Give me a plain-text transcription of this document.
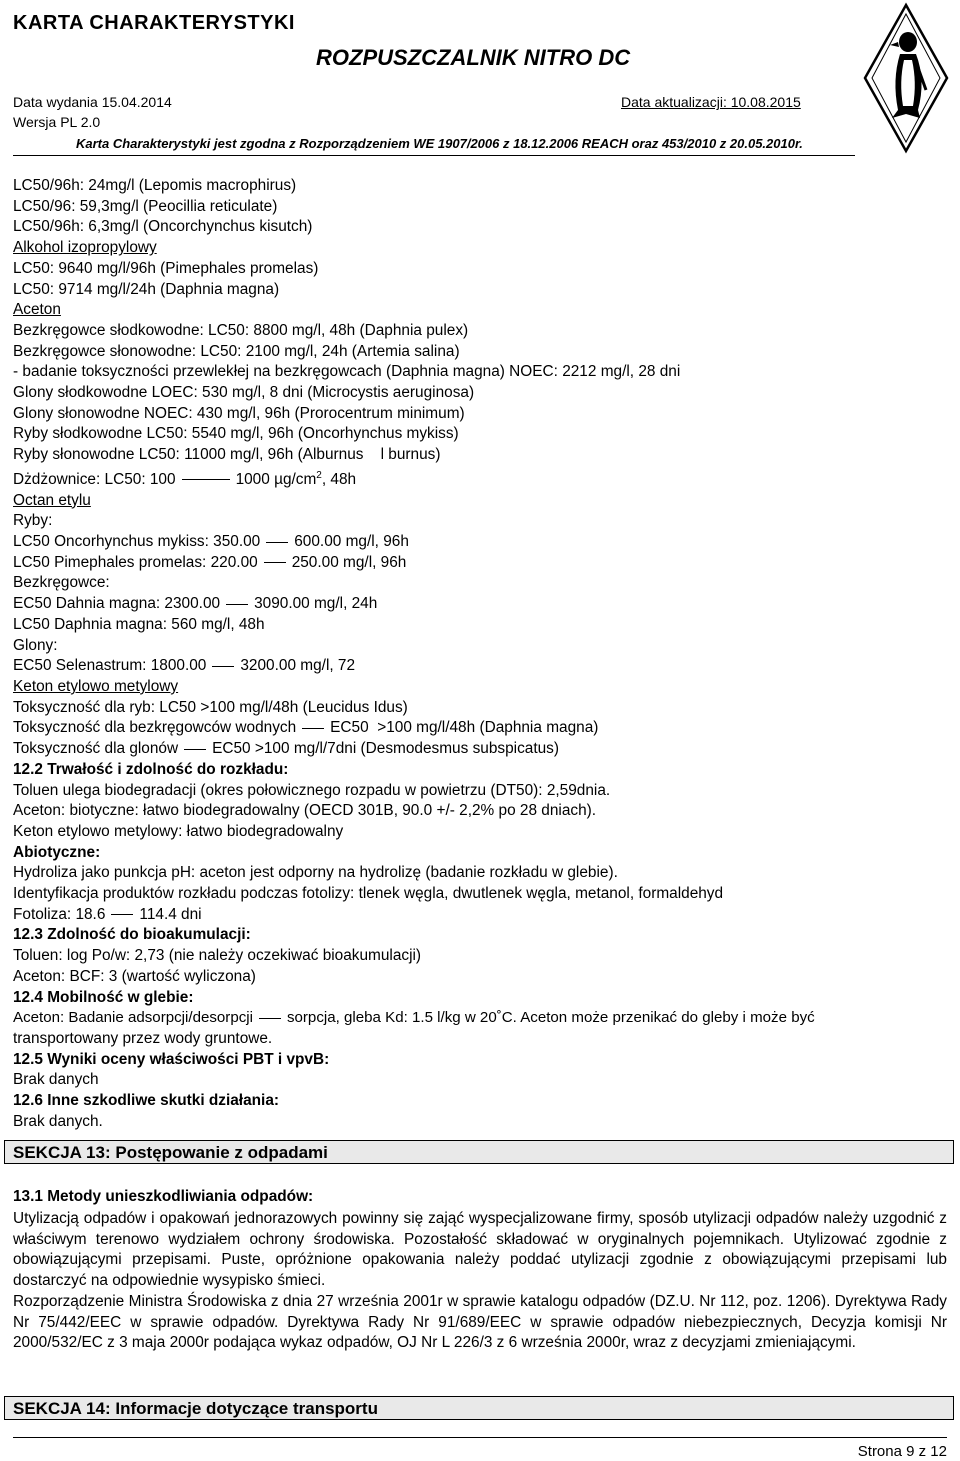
KARTA CHARAKTERYSTYKI
ROZPUSZCZALNIK NITRO DC
Data wydania 15.04.2014	Data aktualizacji: 10.08.2015
Wersja PL 2.0
Karta Charakterystyki jest zgodna z Rozporządzeniem WE 1907/2006 z 18.12.2006 REACH oraz 453/2010 z 20.05.2010r.
LC50/96h: 24mg/l (Lepomis macrophirus)
LC50/96: 59,3mg/l (Peocillia reticulate)
LC50/96h: 6,3mg/l (Oncorchynchus kisutch)
Alkohol izopropylowy
LC50: 9640 mg/l/96h (Pimephales promelas)
LC50: 9714 mg/l/24h (Daphnia magna)
Aceton
Bezkręgowce słodkowodne: LC50: 8800 mg/l, 48h (Daphnia pulex)
Bezkręgowce słonowodne: LC50: 2100 mg/l, 24h (Artemia salina)
- badanie toksyczności przewlekłej na bezkręgowcach (Daphnia magna) NOEC: 2212 mg/l, 28 dni
Glony słodkowodne LOEC: 530 mg/l, 8 dni (Microcystis aeruginosa)
Glony słonowodne NOEC: 430 mg/l, 96h (Prorocentrum minimum)
Ryby słodkowodne LC50: 5540 mg/l, 96h (Oncorhynchus mykiss)
Ryby słonowodne LC50: 11000 mg/l, 96h (Alburnus    l burnus)
Dżdżownice: LC50: 100	1000 $\mu g/cm^2$, 48h
Octan etylu
Ryby:
LC50 Oncorhynchus mykiss: 350.00 600.00 mg/l, 96h
LC50 Pimephales promelas: 220.00 250.00 mg/l, 96h
Bezkręgowce:
EC50 Dahnia magna: 2300.00 3090.00 mg/l, 24h
LC50 Daphnia magna: 560 mg/l, 48h
Glony:
EC50 Selenastrum: 1800.00 3200.00 mg/l, 72
Keton etylowo metylowy
Toksyczność dla ryb: LC50 >100 mg/l/48h (Leucidus Idus)
Toksyczność dla bezkręgowców wodnych EC50  >100 mg/l/48h (Daphnia magna)
Toksyczność dla glonów EC50 >100 mg/l/7dni (Desmodesmus subspicatus)
12.2 Trwałość i zdolność do rozkładu:
Toluen ulega biodegradacji (okres połowicznego rozpadu w powietrzu (DT50): 2,59dnia.
Aceton: biotyczne: łatwo biodegradowalny (OECD 301B, 90.0 +/- 2,2% po 28 dniach).
Keton etylowo metylowy: łatwo biodegradowalny
Abiotyczne:
Hydroliza jako punkcja pH: aceton jest odporny na hydrolizę (badanie rozkładu w glebie).
Identyfikacja produktów rozkładu podczas fotolizy: tlenek węgla, dwutlenek węgla, metanol, formaldehyd
Fotoliza: 18.6 114.4 dni
12.3 Zdolność do bioakumulacji:
Toluen: log Po/w: 2,73 (nie należy oczekiwać bioakumulacji)
Aceton: BCF: 3 (wartość wyliczona)
12.4 Mobilność w glebie:
Aceton: Badanie adsorpcji/desorpcji sorpcja, gleba Kd: 1.5 l/kg w 20˚C. Aceton może przenikać do gleby i może być
transportowany przez wody gruntowe.
12.5 Wyniki oceny właściwości PBT i vpvB:
Brak danych
12.6 Inne szkodliwe skutki działania:
Brak danych.
SEKCJA 13: Postępowanie z odpadami
13.1 Metody unieszkodliwiania odpadów:
Utylizacją odpadów i opakowań jednorazowych powinny się zająć wyspecjalizowane firmy, sposób utylizacji odpadów należy uzgodnić z właściwym terenowo wydziałem ochrony środowiska. Pozostałość składować w oryginalnych pojemnikach. Utylizować zgodnie z obowiązującymi przepisami. Puste, opróżnione opakowania należy poddać utylizacji zgodnie z obowiązującymi przepisami lub dostarczyć na odpowiednie wysypisko śmieci.
Rozporządzenie Ministra Środowiska z dnia 27 września 2001r w sprawie katalogu odpadów (DZ.U. Nr 112, poz. 1206). Dyrektywa Rady Nr 75/442/EEC w sprawie odpadów. Dyrektywa Rady Nr 91/689/EEC w sprawie odpadów niebezpiecznych, Decyzja komisji Nr 2000/532/EC z 3 maja 2000r podająca wykaz odpadów, OJ Nr L 226/3 z 6 września 2000r, wraz z decyzjami zmieniającymi.
SEKCJA 14: Informacje dotyczące transportu
Strona 9 z 12
